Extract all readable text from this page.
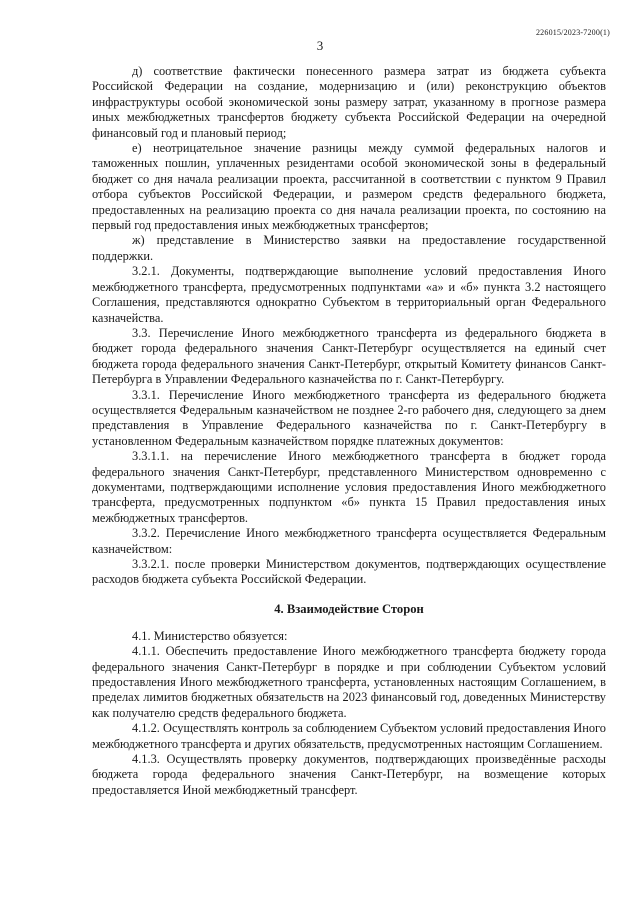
226015/2023-7200(1)
3

д) соответствие фактически понесенного размера затрат из бюджета субъекта Российской Федерации на создание, модернизацию и (или) реконструкцию объектов инфраструктуры особой экономической зоны размеру затрат, указанному в прогнозе размера иных межбюджетных трансфертов бюджету субъекта Российской Федерации на очередной финансовый год и плановый период;

е) неотрицательное значение разницы между суммой федеральных налогов и таможенных пошлин, уплаченных резидентами особой экономической зоны в федеральный бюджет со дня начала реализации проекта, рассчитанной в соответствии с пунктом 9 Правил отбора субъектов Российской Федерации, и размером средств федерального бюджета, предоставленных на реализацию проекта со дня начала реализации проекта, по состоянию на первый год предоставления иных межбюджетных трансфертов;

ж) представление в Министерство заявки на предоставление государственной поддержки.

3.2.1. Документы, подтверждающие выполнение условий предоставления Иного межбюджетного трансферта, предусмотренных подпунктами «а» и «б» пункта 3.2 настоящего Соглашения, представляются однократно Субъектом в территориальный орган Федерального казначейства.

3.3. Перечисление Иного межбюджетного трансферта из федерального бюджета в бюджет города федерального значения Санкт-Петербург осуществляется на единый счет бюджета города федерального значения Санкт-Петербург, открытый Комитету финансов Санкт-Петербурга в Управлении Федерального казначейства по г. Санкт-Петербургу.

3.3.1. Перечисление Иного межбюджетного трансферта из федерального бюджета осуществляется Федеральным казначейством не позднее 2-го рабочего дня, следующего за днем представления в Управление Федерального казначейства по г. Санкт-Петербургу в установленном Федеральным казначейством порядке платежных документов:

3.3.1.1. на перечисление Иного межбюджетного трансферта в бюджет города федерального значения Санкт-Петербург, представленного Министерством одновременно с документами, подтверждающими исполнение условия предоставления Иного межбюджетного трансферта, предусмотренных подпунктом «б» пункта 15 Правил предоставления иных межбюджетных трансфертов.

3.3.2. Перечисление Иного межбюджетного трансферта осуществляется Федеральным казначейством:

3.3.2.1. после проверки Министерством документов, подтверждающих осуществление расходов бюджета субъекта Российской Федерации.

4. Взаимодействие Сторон

4.1. Министерство обязуется:

4.1.1. Обеспечить предоставление Иного межбюджетного трансферта бюджету города федерального значения Санкт-Петербург в порядке и при соблюдении Субъектом условий предоставления Иного межбюджетного трансферта, установленных настоящим Соглашением, в пределах лимитов бюджетных обязательств на 2023 финансовый год, доведенных Министерству как получателю средств федерального бюджета.

4.1.2. Осуществлять контроль за соблюдением Субъектом условий предоставления Иного межбюджетного трансферта и других обязательств, предусмотренных настоящим Соглашением.

4.1.3. Осуществлять проверку документов, подтверждающих произведённые расходы бюджета города федерального значения Санкт-Петербург, на возмещение которых предоставляется Иной межбюджетный трансферт.
